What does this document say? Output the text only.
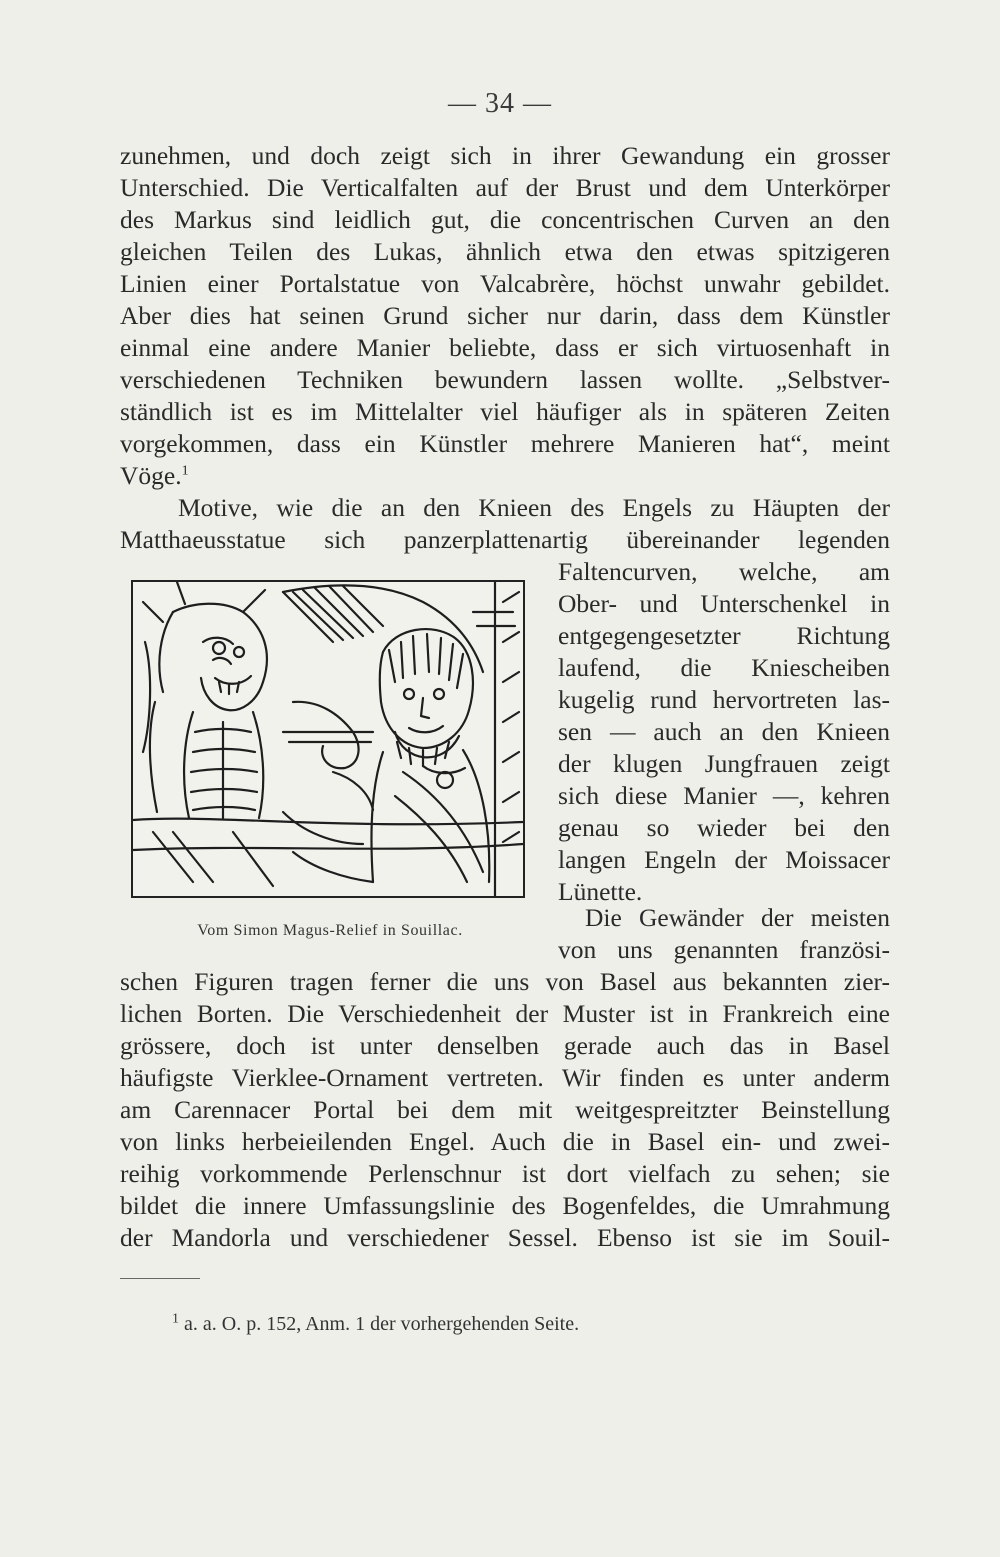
— 34 —
zunehmen, und doch zeigt sich in ihrer Gewandung ein grosser
Unterschied. Die Verticalfalten auf der Brust und dem Unterkörper
des Markus sind leidlich gut, die concentrischen Curven an den
gleichen Teilen des Lukas, ähnlich etwa den etwas spitzigeren
Linien einer Portalstatue von Valcabrère, höchst unwahr gebildet.
Aber dies hat seinen Grund sicher nur darin, dass dem Künstler
einmal eine andere Manier beliebte, dass er sich virtuosenhaft in
verschiedenen Techniken bewundern lassen wollte. „Selbstver-
ständlich ist es im Mittelalter viel häufiger als in späteren Zeiten
vorgekommen, dass ein Künstler mehrere Manieren hat“, meint
Vöge.$^1$
Motive, wie die an den Knieen des Engels zu Häupten der
Matthaeusstatue sich panzerplattenartig übereinander legenden
Faltencurven, welche, am
Ober- und Unterschenkel in
entgegengesetzter Richtung
laufend, die Kniescheiben
kugelig rund hervortreten las-
sen — auch an den Knieen
der klugen Jungfrauen zeigt
sich diese Manier —, kehren
genau so wieder bei den
langen Engeln der Moissacer
Lünette.
Die Gewänder der meisten
von uns genannten französi-
schen Figuren tragen ferner die uns von Basel aus bekannten zier-
lichen Borten. Die Verschiedenheit der Muster ist in Frankreich eine
grössere, doch ist unter denselben gerade auch das in Basel
häufigste Vierklee-Ornament vertreten. Wir finden es unter anderm
am Carennacer Portal bei dem mit weitgespreitzter Beinstellung
von links herbeieilenden Engel. Auch die in Basel ein- und zwei-
reihig vorkommende Perlenschnur ist dort vielfach zu sehen; sie
bildet die innere Umfassungslinie des Bogenfeldes, die Umrahmung
der Mandorla und verschiedener Sessel. Ebenso ist sie im Souil-
Vom Simon Magus-Relief in Souillac.
$^1$ a. a. O. p. 152, Anm. 1 der vorhergehenden Seite.
